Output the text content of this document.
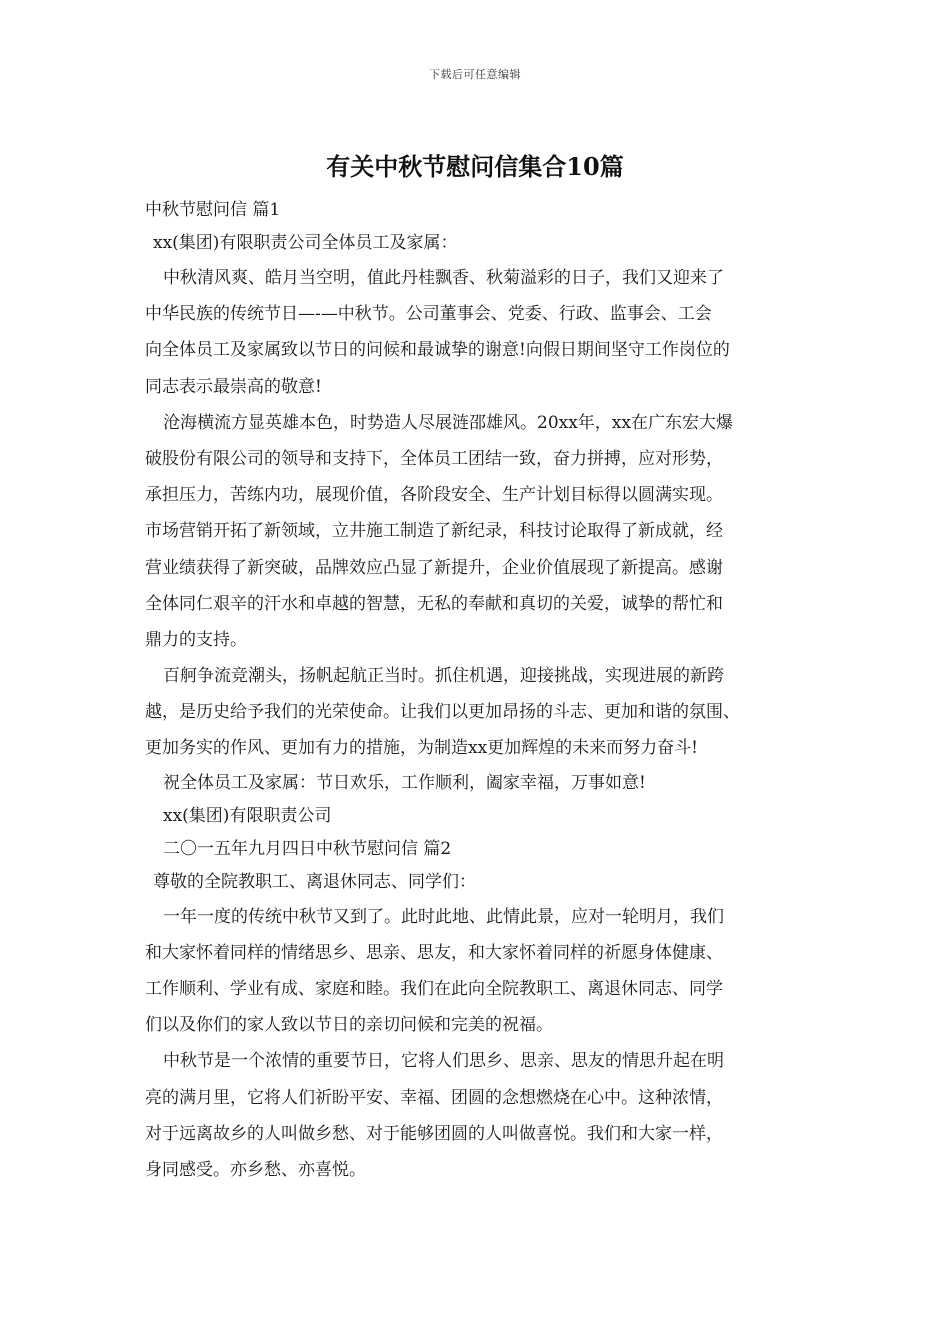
下载后可任意编辑
有关中秋节慰问信集合10篇

中秋节慰问信 篇1

xx(集团)有限职责公司全体员工及家属：

中秋清风爽、皓月当空明，值此丹桂飘香、秋菊溢彩的日子，我们又迎来了

中华民族的传统节日—-—中秋节。公司董事会、党委、行政、监事会、工会

向全体员工及家属致以节日的问候和最诚挚的谢意!向假日期间坚守工作岗位的

同志表示最崇高的敬意!

沧海横流方显英雄本色，时势造人尽展涟邵雄风。20xx年，xx在广东宏大爆

破股份有限公司的领导和支持下，全体员工团结一致，奋力拼搏，应对形势，

承担压力，苦练内功，展现价值，各阶段安全、生产计划目标得以圆满实现。

市场营销开拓了新领域，立井施工制造了新纪录，科技讨论取得了新成就，经

营业绩获得了新突破，品牌效应凸显了新提升，企业价值展现了新提高。感谢

全体同仁艰辛的汗水和卓越的智慧，无私的奉献和真切的关爱，诚挚的帮忙和

鼎力的支持。

百舸争流竞潮头，扬帆起航正当时。抓住机遇，迎接挑战，实现进展的新跨

越，是历史给予我们的光荣使命。让我们以更加昂扬的斗志、更加和谐的氛围、

更加务实的作风、更加有力的措施，为制造xx更加辉煌的未来而努力奋斗!

祝全体员工及家属：节日欢乐，工作顺利，阖家幸福，万事如意!

xx(集团)有限职责公司

二〇一五年九月四日中秋节慰问信 篇2

尊敬的全院教职工、离退休同志、同学们：

一年一度的传统中秋节又到了。此时此地、此情此景，应对一轮明月，我们

和大家怀着同样的情绪思乡、思亲、思友，和大家怀着同样的祈愿身体健康、

工作顺利、学业有成、家庭和睦。我们在此向全院教职工、离退休同志、同学

们以及你们的家人致以节日的亲切问候和完美的祝福。

中秋节是一个浓情的重要节日，它将人们思乡、思亲、思友的情思升起在明

亮的满月里，它将人们祈盼平安、幸福、团圆的念想燃烧在心中。这种浓情，

对于远离故乡的人叫做乡愁、对于能够团圆的人叫做喜悦。我们和大家一样，

身同感受。亦乡愁、亦喜悦。
